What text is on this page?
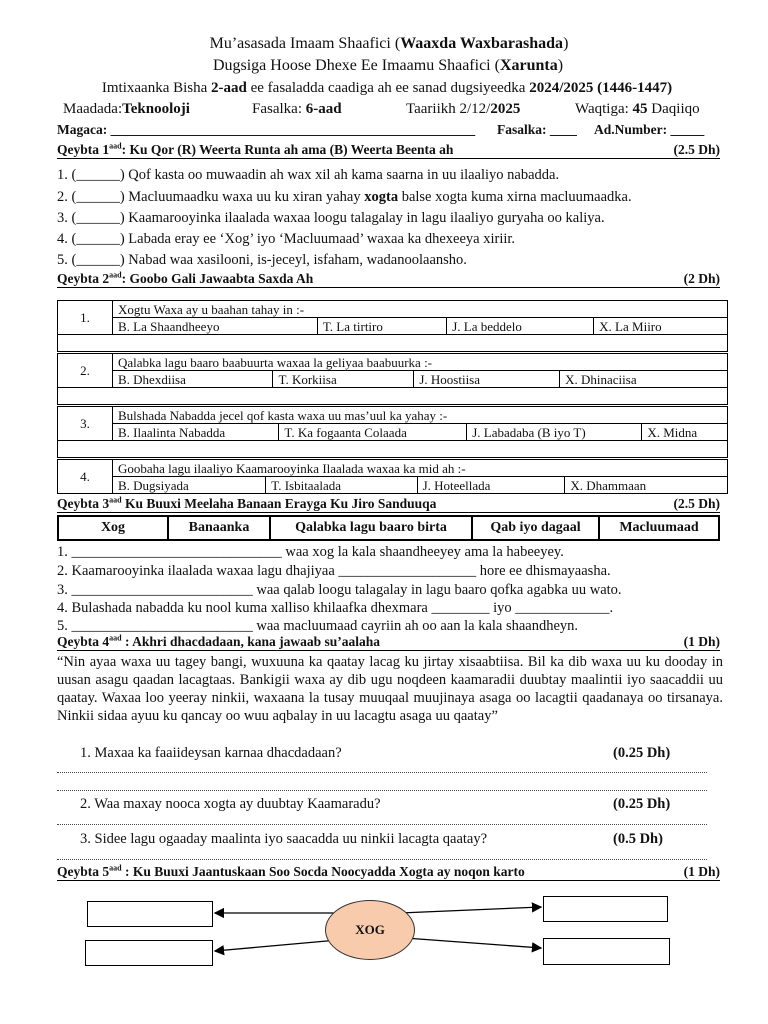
Mu’asasada Imaam Shaafici (Waaxda Waxbarashada)
Dugsiga Hoose Dhexe Ee Imaamu Shaafici (Xarunta)
Imtixaanka Bisha 2-aad ee fasaladda caadiga ah ee sanad dugsiyeedka 2024/2025 (1446-1447)
Maadada:Teknooloji	Fasalka: 6-aad	Taariikh 2/12/2025	Waqtiga: 45 Daqiiqo
Magaca: ______________________________________________________ Fasalka: ____ Ad.Number: _____
Qeybta $1^{aad}$: Ku Qor (R) Weerta Runta ah ama (B) Weerta Beenta ah	(2.5 Dh)
1. (______) Qof kasta oo muwaadin ah wax xil ah kama saarna in uu ilaaliyo nabadda.
2. (______) Macluumaadku waxa uu ku xiran yahay xogta balse xogta kuma xirna macluumaadka.
3. (______) Kaamarooyinka ilaalada waxaa loogu talagalay in lagu ilaaliyo guryaha oo kaliya.
4. (______) Labada eray ee ‘Xog’ iyo ‘Macluumaad’ waxaa ka dhexeeya xiriir.
5. (______) Nabad waa xasilooni, is-jeceyl, isfaham, wadanoolaansho.
Qeybta $2^{aad}$: Goobo Gali Jawaabta Saxda Ah	(2 Dh)
1.	Xogtu Waxa ay u baahan tahay in :-			
	B. La Shaandheeyo	T. La tirtiro	J. La beddelo	X. La Miiro

2.	Qalabka lagu baaro baabuurta waxaa la geliyaa baabuurka :-			
	B. Dhexdiisa	T. Korkiisa	J. Hoostiisa	X. Dhinaciisa

3.	Bulshada Nabadda jecel qof kasta waxa uu mas’uul ka yahay :-			
	B. Ilaalinta Nabadda	T. Ka fogaanta Colaada	J. Labadaba (B iyo T)	X. Midna

4.	Goobaha lagu ilaaliyo Kaamarooyinka Ilaalada waxaa ka mid ah :-			
	B. Dugsiyada	T. Isbitaalada	J. Hoteellada	X. Dhammaan
Qeybta $3^{aad}$ Ku Buuxi Meelaha Banaan Erayga Ku Jiro Sanduuqa	(2.5 Dh)
Xog	Banaanka	Qalabka lagu baaro birta	Qab iyo dagaal	Macluumaad
1. _____________________________ waa xog la kala shaandheeyey ama la habeeyey.
2. Kaamarooyinka ilaalada waxaa lagu dhajiyaa ___________________ hore ee dhismayaasha.
3. _________________________ waa qalab loogu talagalay in lagu baaro qofka agabka uu wato.
4. Bulashada nabadda ku nool kuma xalliso khilaafka dhexmara ________ iyo _____________.
5. _________________________ waa macluumaad cayriin ah oo aan la kala shaandheyn.
Qeybta $4^{aad}$ : Akhri dhacdadaan, kana jawaab su’aalaha	(1 Dh)
“Nin ayaa waxa uu tagey bangi, wuxuuna ka qaatay lacag ku jirtay xisaabtiisa. Bil ka dib waxa uu ku dooday in uusan asagu qaadan lacagtaas. Bankigii waxa ay dib ugu noqdeen kaamaradii duubtay maalintii iyo saacaddii uu qaatay. Waxaa loo yeeray ninkii, waxaana la tusay muuqaal muujinaya asaga oo lacagtii qaadanaya oo tirsanaya. Ninkii sidaa ayuu ku qancay oo wuu aqbalay in uu lacagtu asaga uu qaatay”
1. Maxaa ka faaiideysan karnaa dhacdadaan?	(0.25 Dh)
2. Waa maxay nooca xogta ay duubtay Kaamaradu?	(0.25 Dh)
3. Sidee lagu ogaaday maalinta iyo saacadda uu ninkii lacagta qaatay?	(0.5 Dh)
Qeybta $5^{aad}$ : Ku Buuxi Jaantuskaan Soo Socda Noocyadda Xogta ay noqon karto	(1 Dh)
XOG
